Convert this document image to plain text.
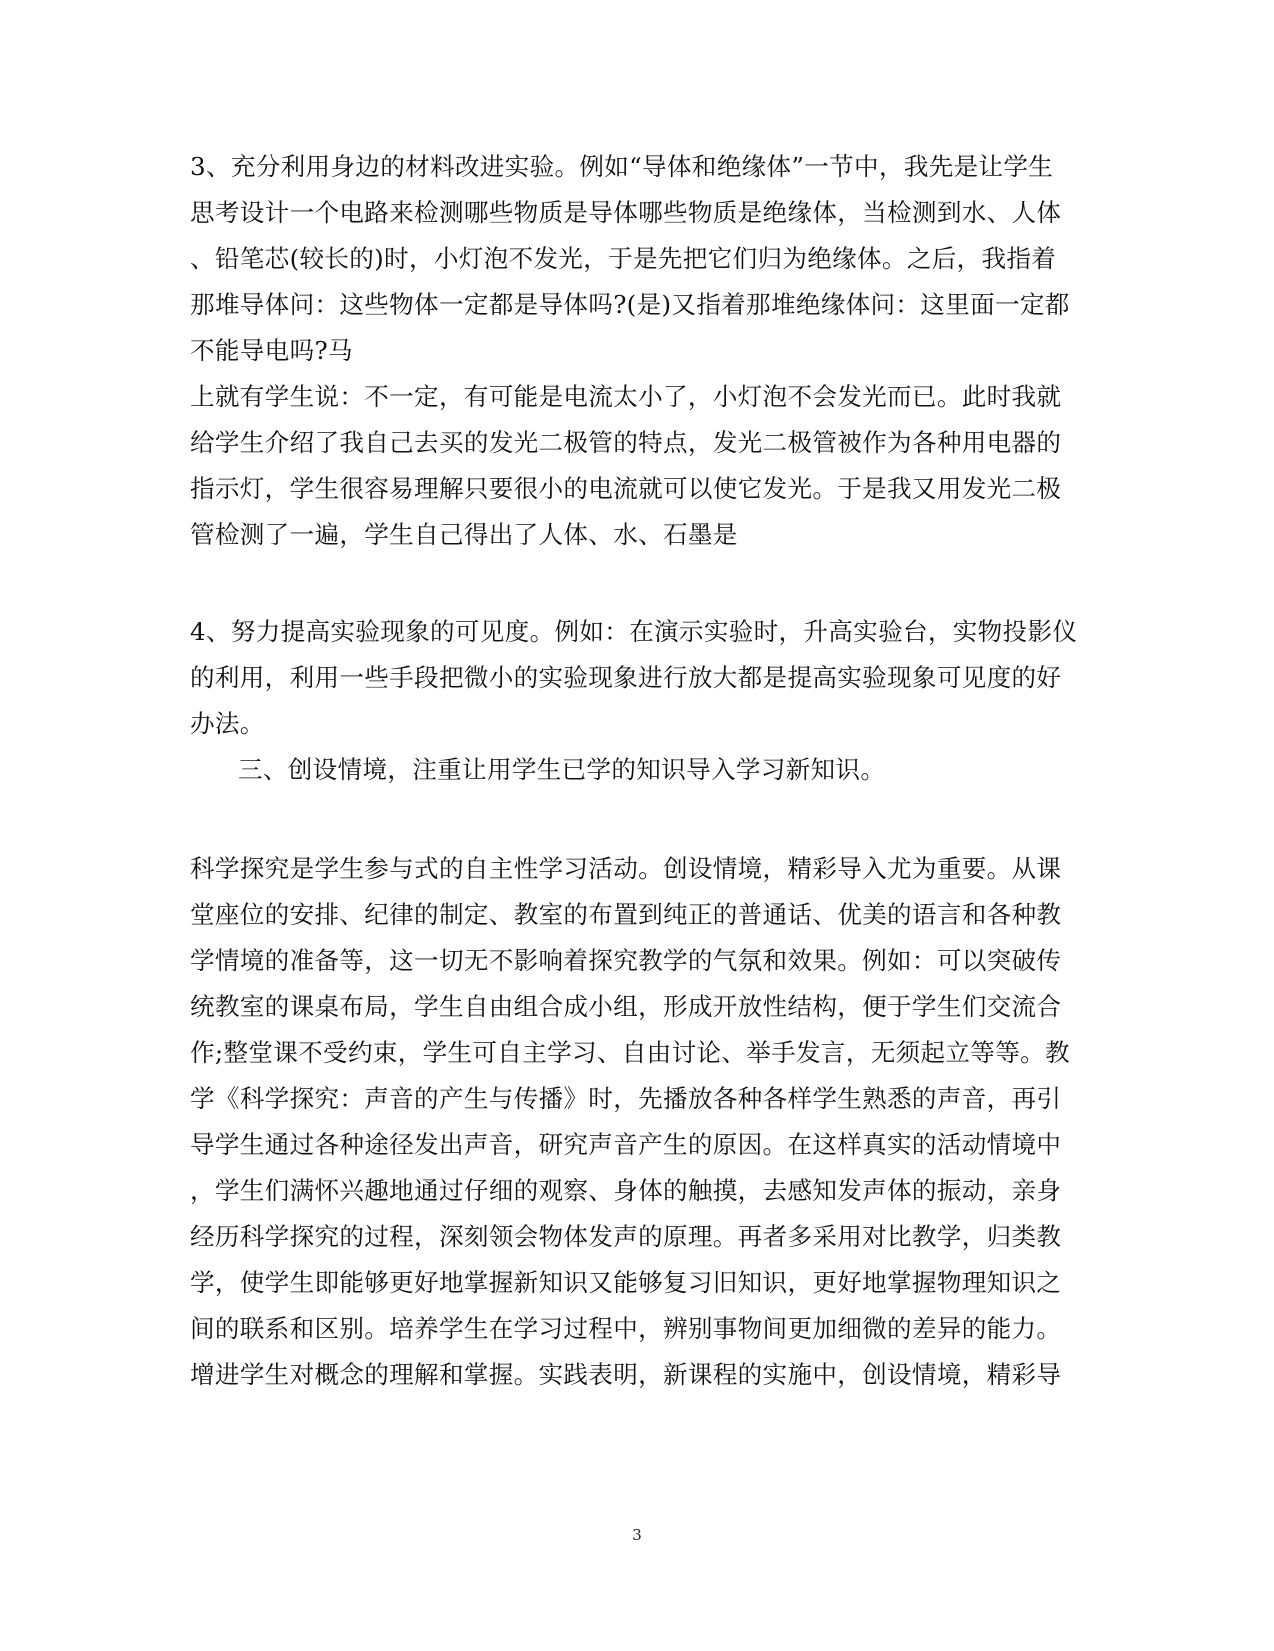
3、充分利用身边的材料改进实验。例如“导体和绝缘体”一节中，我先是让学生
思考设计一个电路来检测哪些物质是导体哪些物质是绝缘体，当检测到水、人体
、铅笔芯(较长的)时，小灯泡不发光，于是先把它们归为绝缘体。之后，我指着
那堆导体问：这些物体一定都是导体吗?(是)又指着那堆绝缘体问：这里面一定都
不能导电吗?马
上就有学生说：不一定，有可能是电流太小了，小灯泡不会发光而已。此时我就
给学生介绍了我自己去买的发光二极管的特点，发光二极管被作为各种用电器的
指示灯，学生很容易理解只要很小的电流就可以使它发光。于是我又用发光二极
管检测了一遍，学生自己得出了人体、水、石墨是
4、努力提高实验现象的可见度。例如：在演示实验时，升高实验台，实物投影仪
的利用，利用一些手段把微小的实验现象进行放大都是提高实验现象可见度的好
办法。
三、创设情境，注重让用学生已学的知识导入学习新知识。
科学探究是学生参与式的自主性学习活动。创设情境，精彩导入尤为重要。从课
堂座位的安排、纪律的制定、教室的布置到纯正的普通话、优美的语言和各种教
学情境的准备等，这一切无不影响着探究教学的气氛和效果。例如：可以突破传
统教室的课桌布局，学生自由组合成小组，形成开放性结构，便于学生们交流合
作;整堂课不受约束，学生可自主学习、自由讨论、举手发言，无须起立等等。教
学《科学探究：声音的产生与传播》时，先播放各种各样学生熟悉的声音，再引
导学生通过各种途径发出声音，研究声音产生的原因。在这样真实的活动情境中
，学生们满怀兴趣地通过仔细的观察、身体的触摸，去感知发声体的振动，亲身
经历科学探究的过程，深刻领会物体发声的原理。再者多采用对比教学，归类教
学，使学生即能够更好地掌握新知识又能够复习旧知识，更好地掌握物理知识之
间的联系和区别。培养学生在学习过程中，辨别事物间更加细微的差异的能力。
增进学生对概念的理解和掌握。实践表明，新课程的实施中，创设情境，精彩导
3
